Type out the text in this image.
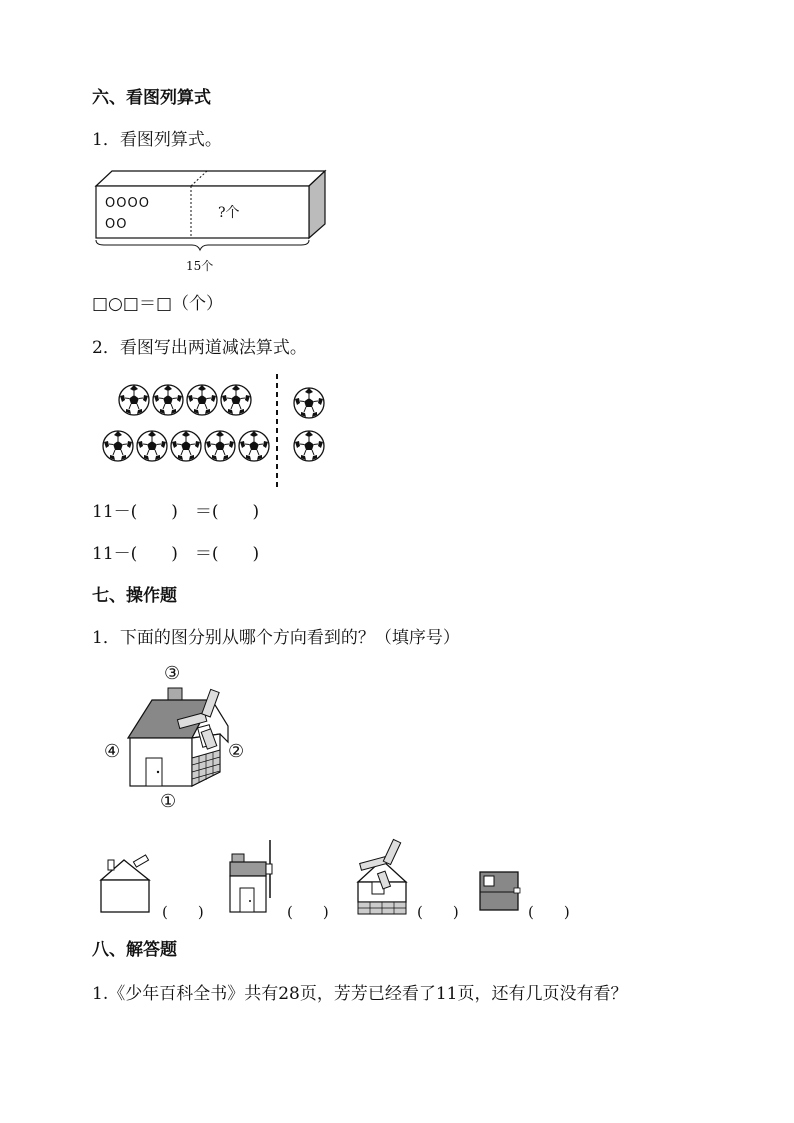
六、看图列算式
1．看图列算式。
OOOO
OO
?个
15个
□○□＝□（个）
2．看图写出两道减法算式。
11－(　　)　＝(　　)
11－(　　)　＝(　　)
七、操作题
1．下面的图分别从哪个方向看到的？（填序号）
③
④	②
①
(　　)	(　　)	(　　)	(　　)
八、解答题
1.《少年百科全书》共有28页，芳芳已经看了11页，还有几页没有看？
